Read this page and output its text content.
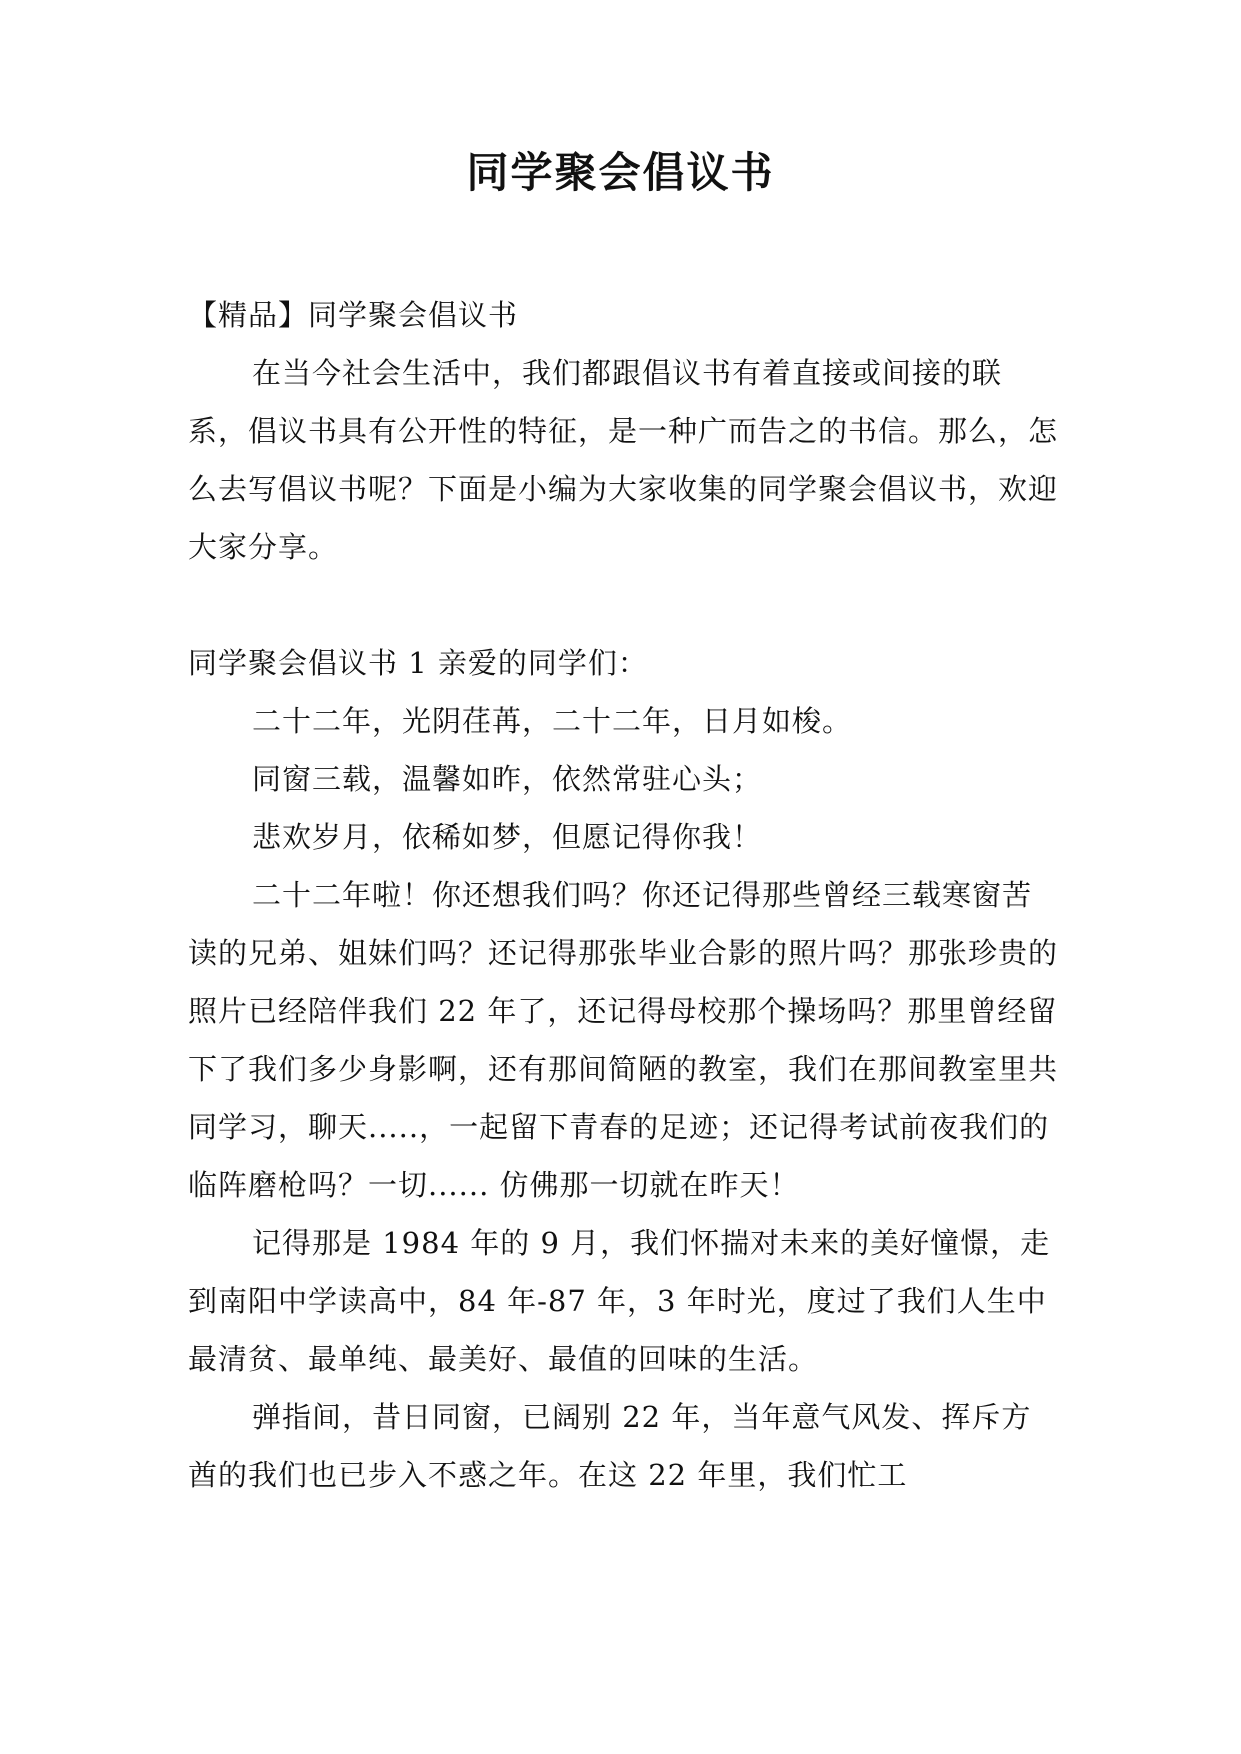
同学聚会倡议书

【精品】同学聚会倡议书

在当今社会生活中，我们都跟倡议书有着直接或间接的联系，倡议书具有公开性的特征，是一种广而告之的书信。那么，怎么去写倡议书呢？下面是小编为大家收集的同学聚会倡议书，欢迎大家分享。

同学聚会倡议书 1 亲爱的同学们：

二十二年，光阴荏苒，二十二年，日月如梭。

同窗三载，温馨如昨，依然常驻心头；

悲欢岁月，依稀如梦，但愿记得你我！

二十二年啦！你还想我们吗？你还记得那些曾经三载寒窗苦读的兄弟、姐妹们吗？还记得那张毕业合影的照片吗？那张珍贵的照片已经陪伴我们 22 年了，还记得母校那个操场吗？那里曾经留下了我们多少身影啊，还有那间简陋的教室，我们在那间教室里共同学习，聊天.....，一起留下青春的足迹；还记得考试前夜我们的临阵磨枪吗？一切...... 仿佛那一切就在昨天！

记得那是 1984 年的 9 月，我们怀揣对未来的美好憧憬，走到南阳中学读高中，84 年-87 年，3 年时光，度过了我们人生中最清贫、最单纯、最美好、最值的回味的生活。

弹指间，昔日同窗，已阔别 22 年，当年意气风发、挥斥方酋的我们也已步入不惑之年。在这 22 年里，我们忙工
